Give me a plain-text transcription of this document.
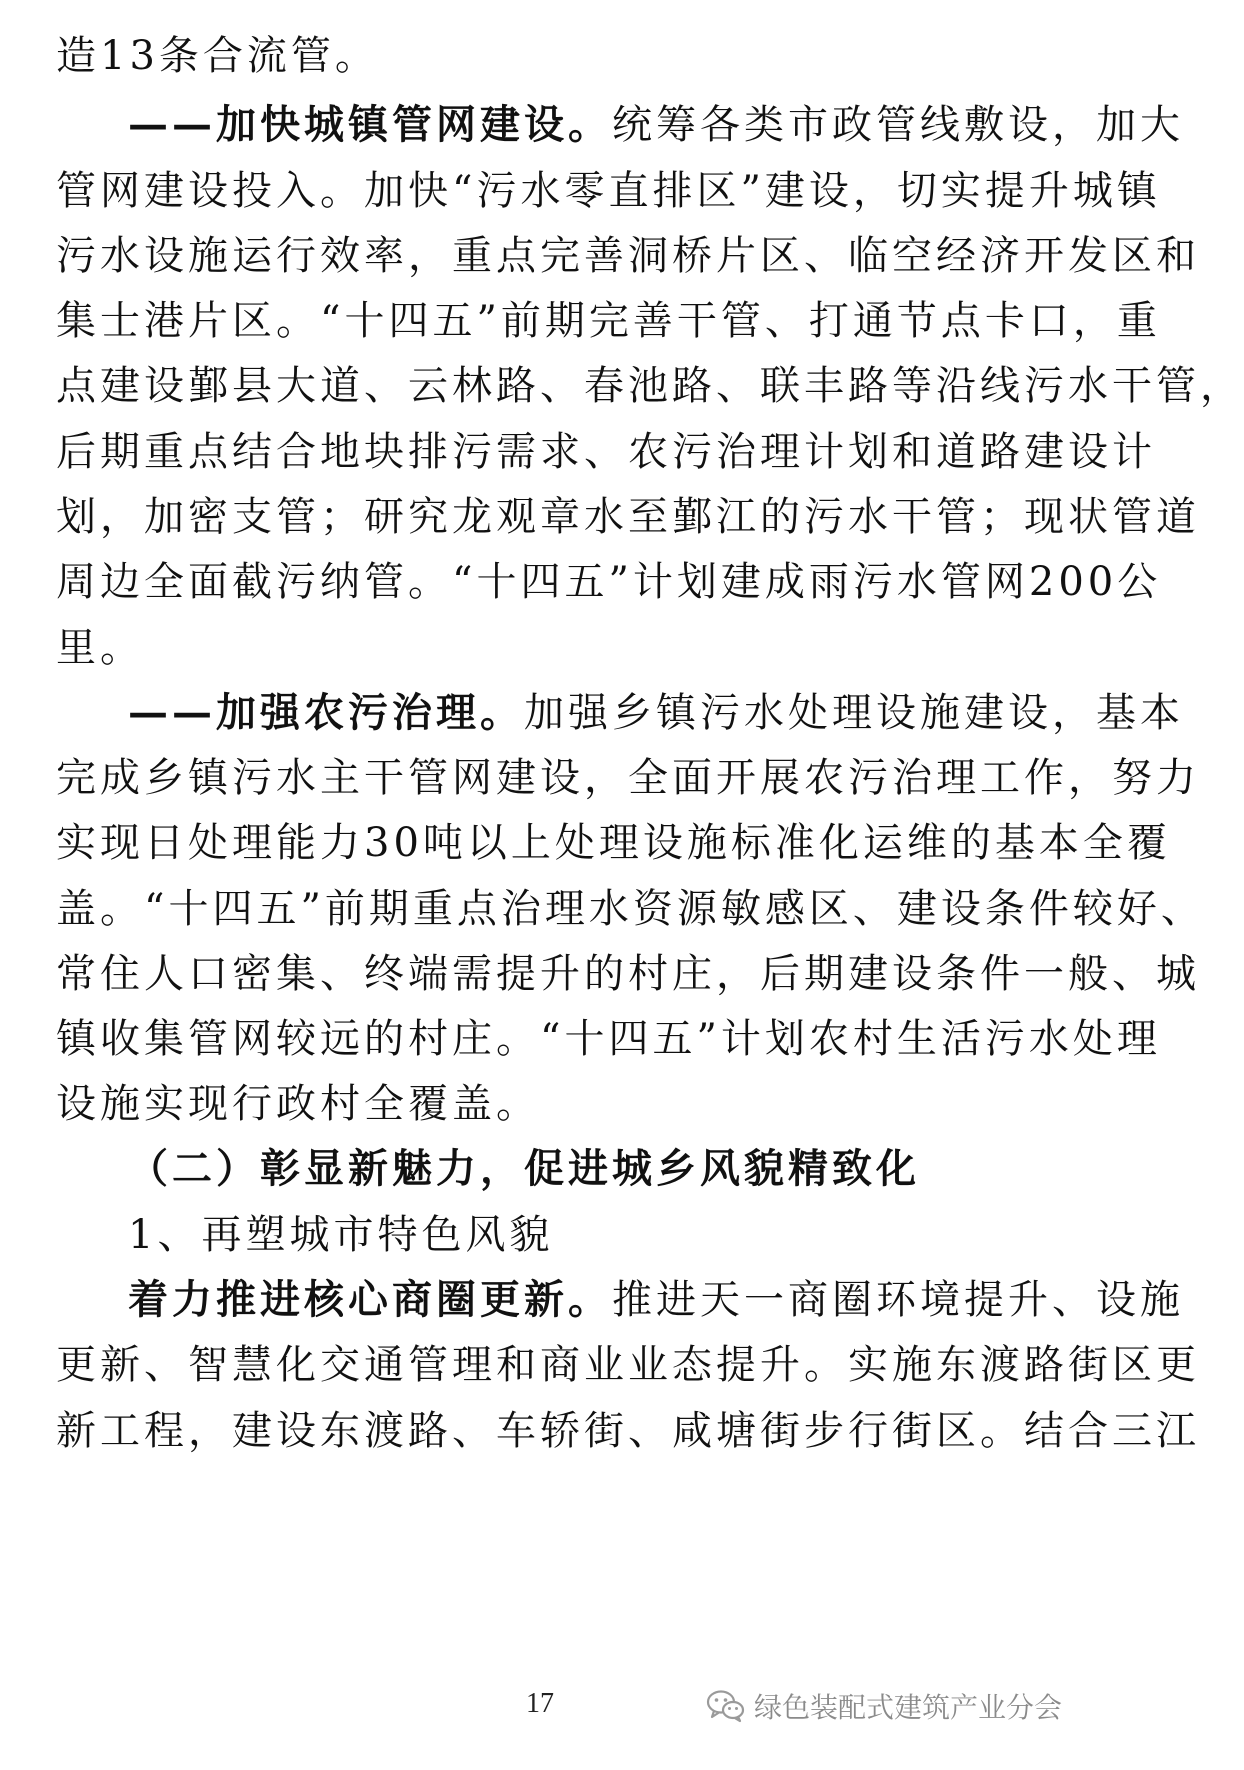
造13条合流管。
——加快城镇管网建设。统筹各类市政管线敷设，加大
管网建设投入。加快“污水零直排区”建设，切实提升城镇
污水设施运行效率，重点完善洞桥片区、临空经济开发区和
集士港片区。“十四五”前期完善干管、打通节点卡口，重
点建设鄞县大道、云林路、春池路、联丰路等沿线污水干管，
后期重点结合地块排污需求、农污治理计划和道路建设计
划，加密支管；研究龙观章水至鄞江的污水干管；现状管道
周边全面截污纳管。“十四五”计划建成雨污水管网200公
里。
——加强农污治理。加强乡镇污水处理设施建设，基本
完成乡镇污水主干管网建设，全面开展农污治理工作，努力
实现日处理能力30吨以上处理设施标准化运维的基本全覆
盖。“十四五”前期重点治理水资源敏感区、建设条件较好、
常住人口密集、终端需提升的村庄，后期建设条件一般、城
镇收集管网较远的村庄。“十四五”计划农村生活污水处理
设施实现行政村全覆盖。
（二）彰显新魅力，促进城乡风貌精致化
1、再塑城市特色风貌
着力推进核心商圈更新。推进天一商圈环境提升、设施
更新、智慧化交通管理和商业业态提升。实施东渡路街区更
新工程，建设东渡路、车轿街、咸塘街步行街区。结合三江
17	绿色装配式建筑产业分会
